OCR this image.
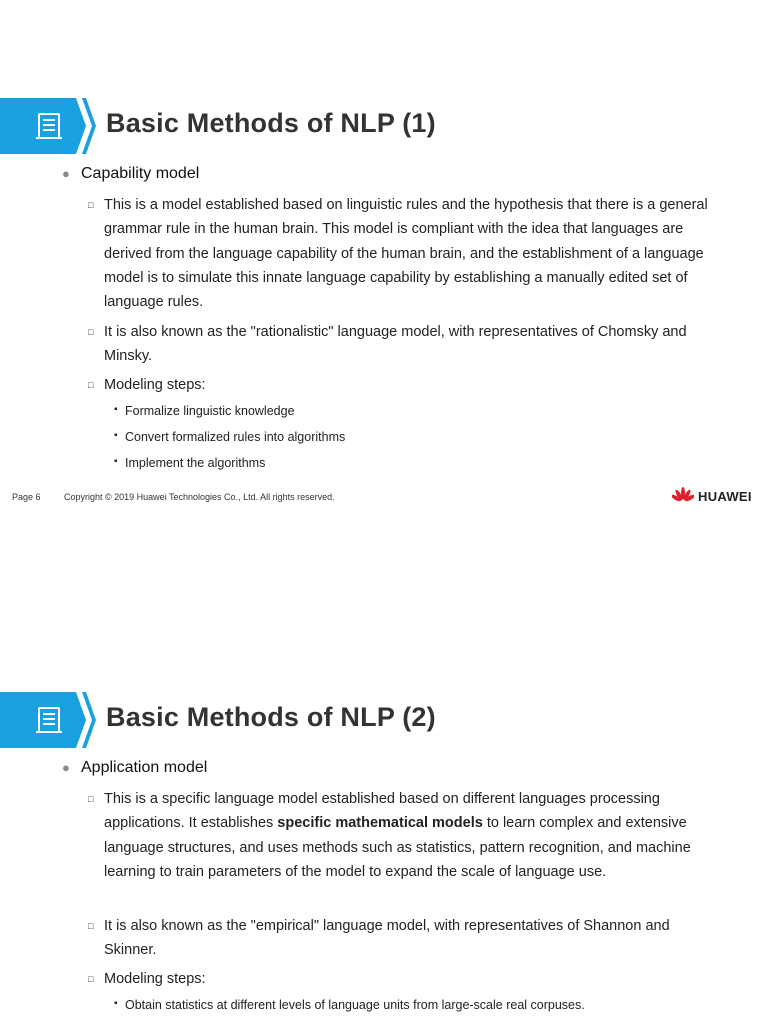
Basic Methods of NLP (1)
● Capability model
□ This is a model established based on linguistic rules and the hypothesis that there is a general grammar rule in the human brain. This model is compliant with the idea that languages are derived from the language capability of the human brain, and the establishment of a language model is to simulate this innate language capability by establishing a manually edited set of language rules.
□ It is also known as the "rationalistic" language model, with representatives of Chomsky and Minsky.
□ Modeling steps:
▪ Formalize linguistic knowledge
▪ Convert formalized rules into algorithms
▪ Implement the algorithms
Page 6	Copyright © 2019 Huawei Technologies Co., Ltd. All rights reserved.	HUAWEI
Basic Methods of NLP (2)
● Application model
□ This is a specific language model established based on different languages processing applications. It establishes specific mathematical models to learn complex and extensive language structures, and uses methods such as statistics, pattern recognition, and machine learning to train parameters of the model to expand the scale of language use.
□ It is also known as the "empirical" language model, with representatives of Shannon and Skinner.
□ Modeling steps:
▪ Obtain statistics at different levels of language units from large-scale real corpuses.
